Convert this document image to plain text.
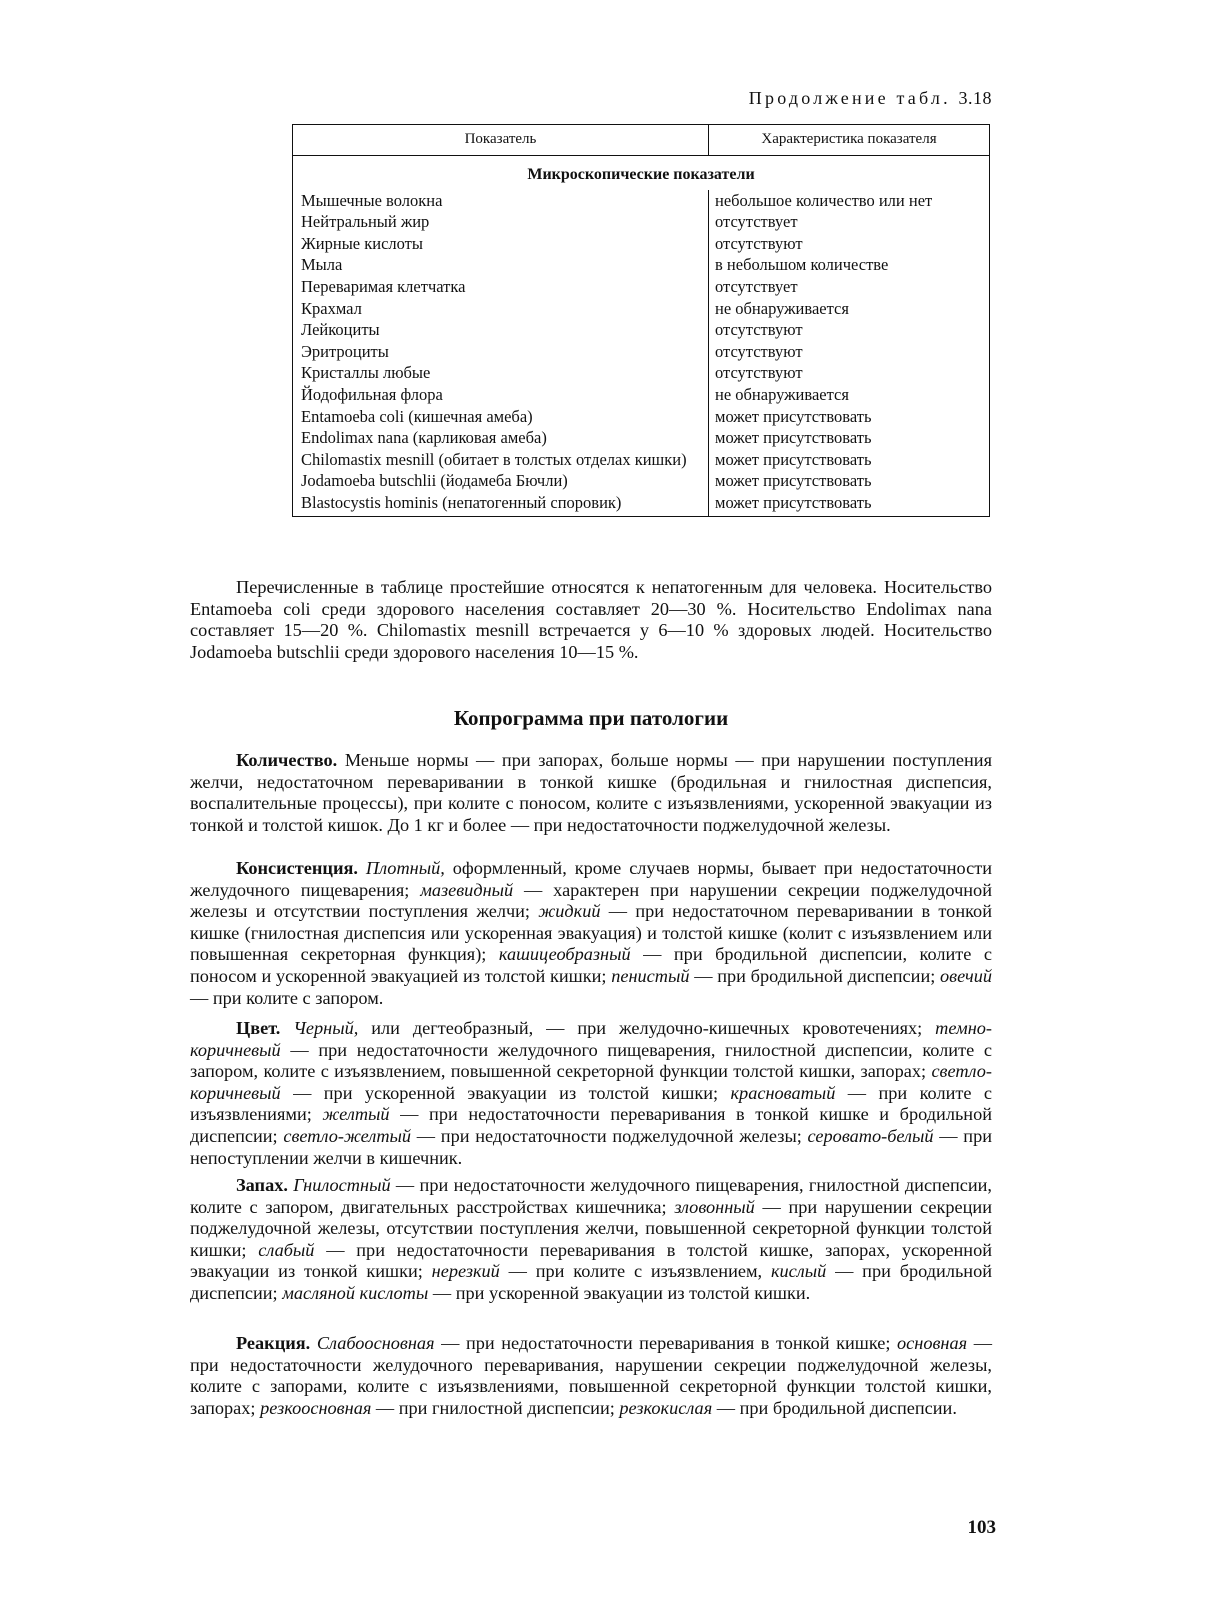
Продолжение табл. 3.18
Показатель	Характеристика показателя
Микроскопические показатели	
Мышечные волокна	небольшое количество или нет
Нейтральный жир	отсутствует
Жирные кислоты	отсутствуют
Мыла	в небольшом количестве
Переваримая клетчатка	отсутствует
Крахмал	не обнаруживается
Лейкоциты	отсутствуют
Эритроциты	отсутствуют
Кристаллы любые	отсутствуют
Йодофильная флора	не обнаруживается
Entamoeba coli (кишечная амеба)	может присутствовать
Endolimax nana (карликовая амеба)	может присутствовать
Chilomastix mesnill (обитает в толстых отделах кишки)	может присутствовать
Jodamoeba butschlii (йодамеба Бючли)	может присутствовать
Blastocystis hominis (непатогенный споровик)	может присутствовать

Перечисленные в таблице простейшие относятся к непатогенным для человека. Носительство Entamoeba coli среди здорового населения составляет 20—30 %. Носительство Endolimax nana составляет 15—20 %. Chilomastix mesnill встречается у 6—10 % здоровых людей. Носительство Jodamoeba butschlii среди здорового населения 10—15 %.

Копрограмма при патологии

Количество. Меньше нормы — при запорах, больше нормы — при нарушении поступления желчи, недостаточном переваривании в тонкой кишке (бродильная и гнилостная диспепсия, воспалительные процессы), при колите с поносом, колите с изъязвлениями, ускоренной эвакуации из тонкой и толстой кишок. До 1 кг и более — при недостаточности поджелудочной железы.

Консистенция. Плотный, оформленный, кроме случаев нормы, бывает при недостаточности желудочного пищеварения; мазевидный — характерен при нарушении секреции поджелудочной железы и отсутствии поступления желчи; жидкий — при недостаточном переваривании в тонкой кишке (гнилостная диспепсия или ускоренная эвакуация) и толстой кишке (колит с изъязвлением или повышенная секреторная функция); кашицеобразный — при бродильной диспепсии, колите с поносом и ускоренной эвакуацией из толстой кишки; пенистый — при бродильной диспепсии; овечий — при колите с запором.

Цвет. Черный, или дегтеобразный, — при желудочно-кишечных кровотечениях; темно-коричневый — при недостаточности желудочного пищеварения, гнилостной диспепсии, колите с запором, колите с изъязвлением, повышенной секреторной функции толстой кишки, запорах; светло-коричневый — при ускоренной эвакуации из толстой кишки; красноватый — при колите с изъязвлениями; желтый — при недостаточности переваривания в тонкой кишке и бродильной диспепсии; светло-желтый — при недостаточности поджелудочной железы; серовато-белый — при непоступлении желчи в кишечник.

Запах. Гнилостный — при недостаточности желудочного пищеварения, гнилостной диспепсии, колите с запором, двигательных расстройствах кишечника; зловонный — при нарушении секреции поджелудочной железы, отсутствии поступления желчи, повышенной секреторной функции толстой кишки; слабый — при недостаточности переваривания в толстой кишке, запорах, ускоренной эвакуации из тонкой кишки; нерезкий — при колите с изъязвлением, кислый — при бродильной диспепсии; масляной кислоты — при ускоренной эвакуации из толстой кишки.

Реакция. Слабоосновная — при недостаточности переваривания в тонкой кишке; основная — при недостаточности желудочного переваривания, нарушении секреции поджелудочной железы, колите с запорами, колите с изъязвлениями, повышенной секреторной функции толстой кишки, запорах; резкоосновная — при гнилостной диспепсии; резкокислая — при бродильной диспепсии.

103
